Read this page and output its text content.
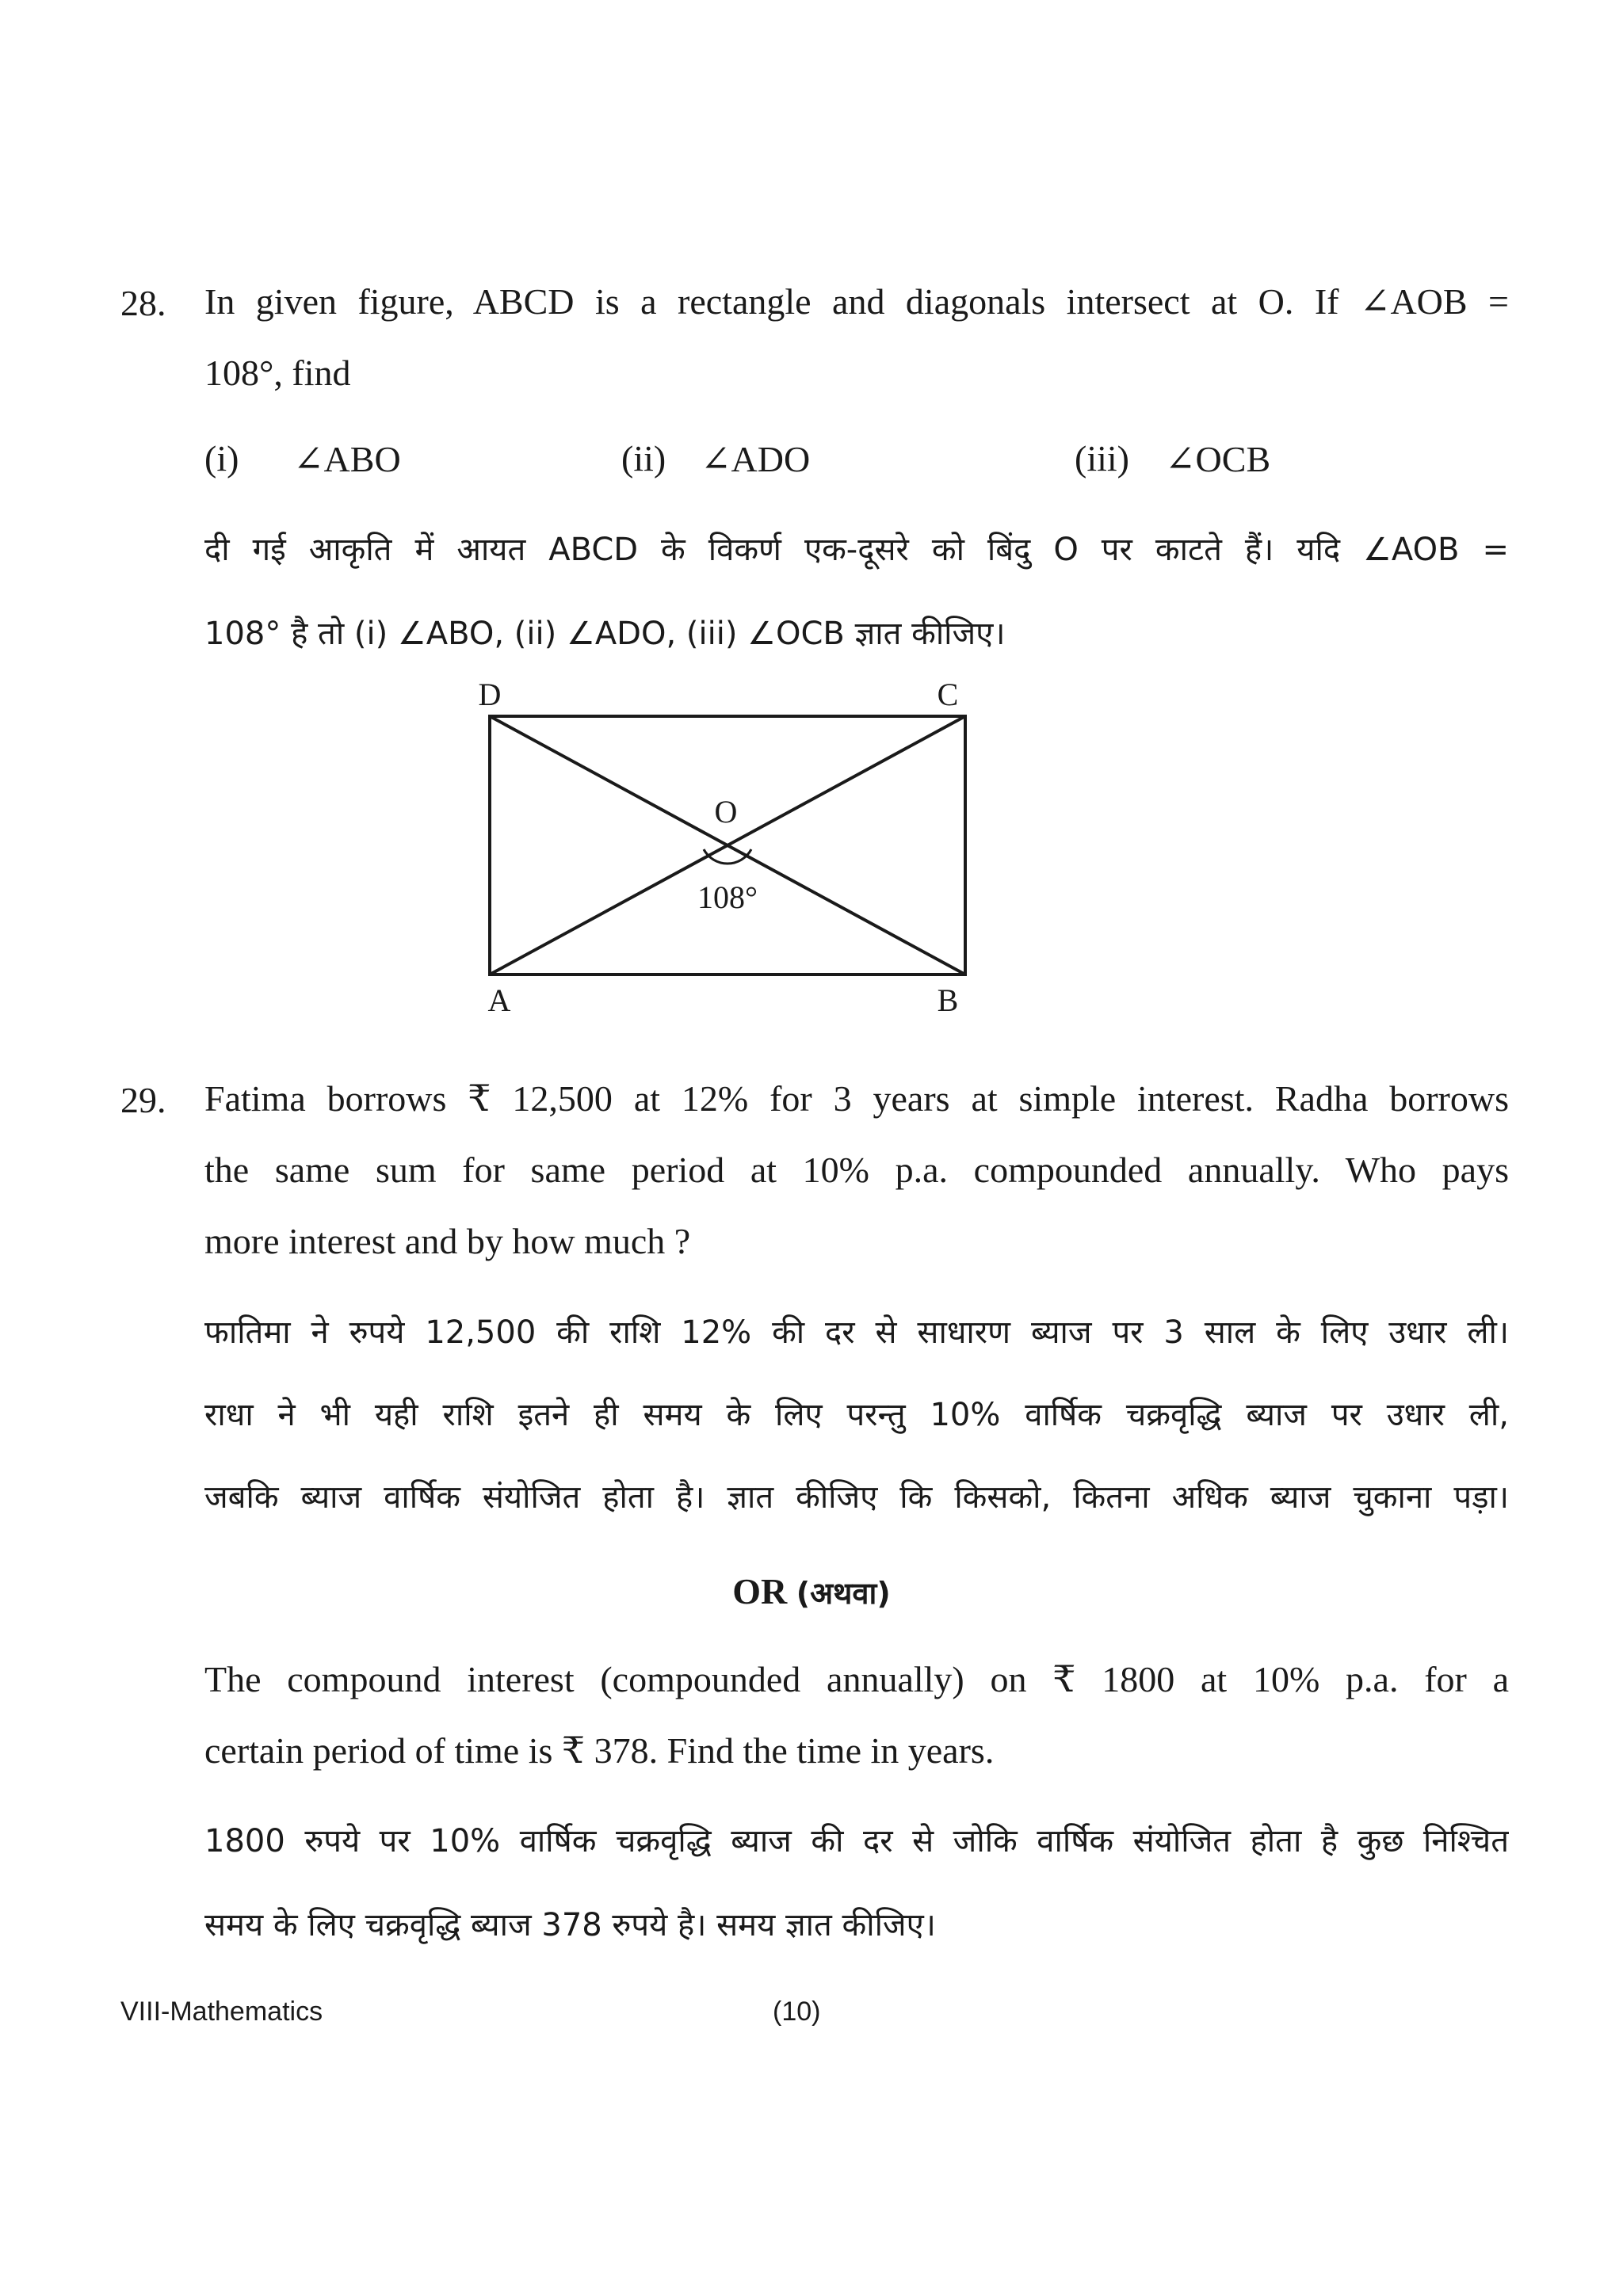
28. In given figure, ABCD is a rectangle and diagonals intersect at O. If ∠AOB =
108°, find
(i) ∠ABO	(ii) ∠ADO	(iii) ∠OCB
दी गई आकृति में आयत ABCD के विकर्ण एक-दूसरे को बिंदु O पर काटते हैं। यदि ∠AOB =
108° है तो (i) ∠ABO, (ii) ∠ADO, (iii) ∠OCB ज्ञात कीजिए।
D	C
O
108°
A	B
29. Fatima borrows ₹ 12,500 at 12% for 3 years at simple interest. Radha borrows
the same sum for same period at 10% p.a. compounded annually. Who pays
more interest and by how much ?
फातिमा ने रुपये 12,500 की राशि 12% की दर से साधारण ब्याज पर 3 साल के लिए उधार ली।
राधा ने भी यही राशि इतने ही समय के लिए परन्तु 10% वार्षिक चक्रवृद्धि ब्याज पर उधार ली,
जबकि ब्याज वार्षिक संयोजित होता है। ज्ञात कीजिए कि किसको, कितना अधिक ब्याज चुकाना पड़ा।
OR (अथवा)
The compound interest (compounded annually) on ₹ 1800 at 10% p.a. for a
certain period of time is ₹ 378. Find the time in years.
1800 रुपये पर 10% वार्षिक चक्रवृद्धि ब्याज की दर से जोकि वार्षिक संयोजित होता है कुछ निश्चित
समय के लिए चक्रवृद्धि ब्याज 378 रुपये है। समय ज्ञात कीजिए।
VIII-Mathematics	(10)
